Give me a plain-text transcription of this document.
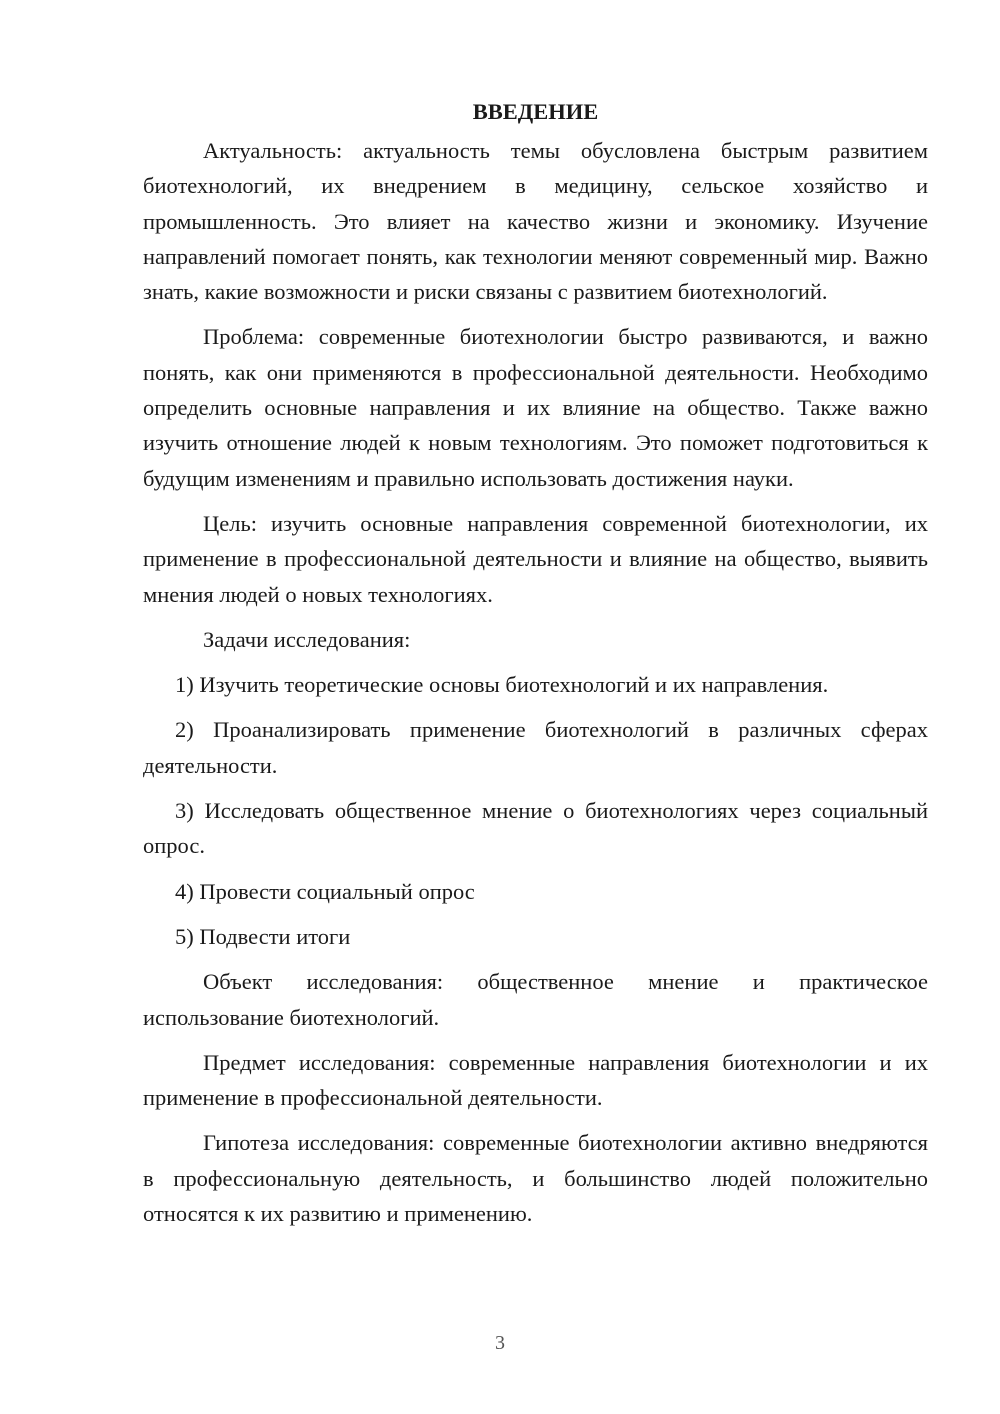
ВВЕДЕНИЕ

Актуальность: актуальность темы обусловлена быстрым развитием биотехнологий, их внедрением в медицину, сельское хозяйство и промышленность. Это влияет на качество жизни и экономику. Изучение направлений помогает понять, как технологии меняют современный мир. Важно знать, какие возможности и риски связаны с развитием биотехнологий.

Проблема: современные биотехнологии быстро развиваются, и важно понять, как они применяются в профессиональной деятельности. Необходимо определить основные направления и их влияние на общество. Также важно изучить отношение людей к новым технологиям. Это поможет подготовиться к будущим изменениям и правильно использовать достижения науки.

Цель: изучить основные направления современной биотехнологии, их применение в профессиональной деятельности и влияние на общество, выявить мнения людей о новых технологиях.

Задачи исследования:

1) Изучить теоретические основы биотехнологий и их направления.

2) Проанализировать применение биотехнологий в различных сферах деятельности.

3) Исследовать общественное мнение о биотехнологиях через социальный опрос.

4) Провести социальный опрос

5) Подвести итоги

Объект исследования: общественное мнение и практическое использование биотехнологий.

Предмет исследования: современные направления биотехнологии и их применение в профессиональной деятельности.

Гипотеза исследования: современные биотехнологии активно внедряются в профессиональную деятельность, и большинство людей положительно относятся к их развитию и применению.

3
